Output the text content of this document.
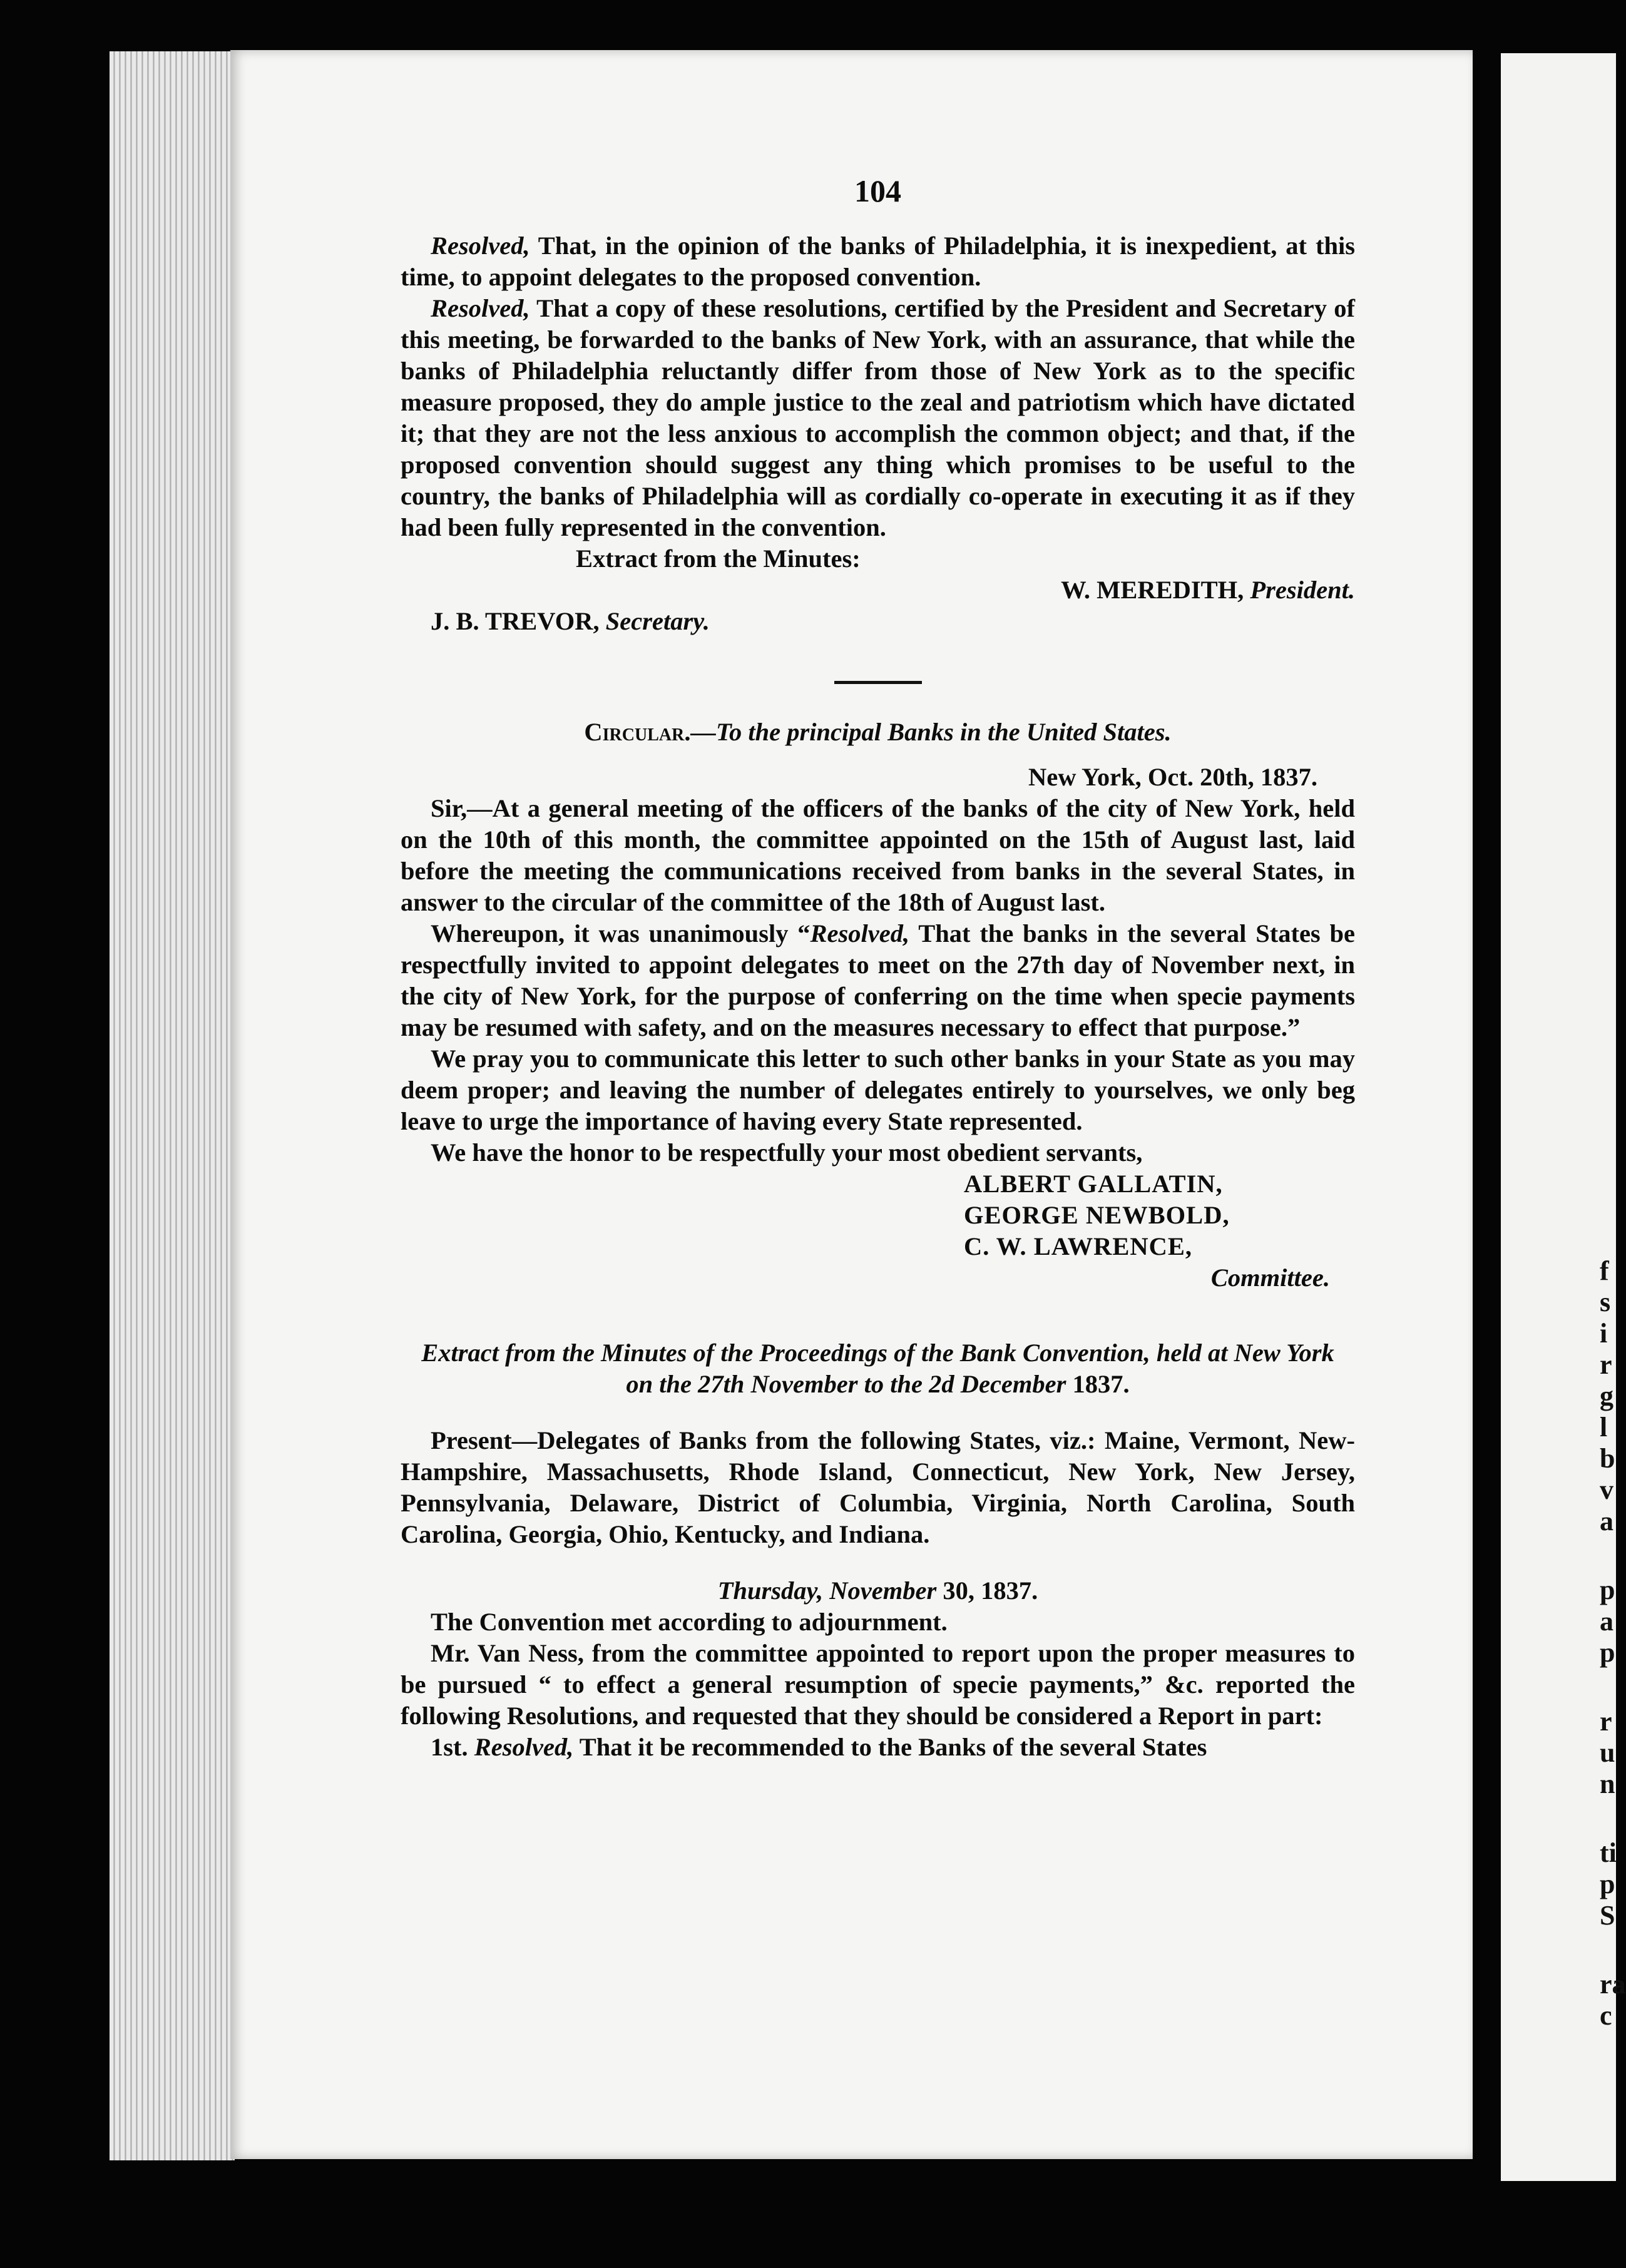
f
s
i
r
g
l
b
v
a
p
a
p
r
u
n
ti
p
S
ra
c
104

Resolved, That, in the opinion of the banks of Philadelphia, it is inexpedient, at this time, to appoint delegates to the proposed convention.

Resolved, That a copy of these resolutions, certified by the President and Secretary of this meeting, be forwarded to the banks of New York, with an assurance, that while the banks of Philadelphia reluctantly differ from those of New York as to the specific measure proposed, they do ample justice to the zeal and patriotism which have dictated it; that they are not the less anxious to accomplish the common object; and that, if the proposed convention should suggest any thing which promises to be useful to the country, the banks of Philadelphia will as cordially co-operate in executing it as if they had been fully represented in the convention.

Extract from the Minutes:

W. MEREDITH, President.
J. B. TREVOR, Secretary.

Circular.—To the principal Banks in the United States.

New York, Oct. 20th, 1837.

Sir,—At a general meeting of the officers of the banks of the city of New York, held on the 10th of this month, the committee appointed on the 15th of August last, laid before the meeting the communications received from banks in the several States, in answer to the circular of the committee of the 18th of August last.

Whereupon, it was unanimously “Resolved, That the banks in the several States be respectfully invited to appoint delegates to meet on the 27th day of November next, in the city of New York, for the purpose of conferring on the time when specie payments may be resumed with safety, and on the measures necessary to effect that purpose.”

We pray you to communicate this letter to such other banks in your State as you may deem proper; and leaving the number of delegates entirely to yourselves, we only beg leave to urge the importance of having every State represented.

We have the honor to be respectfully your most obedient servants,

ALBERT GALLATIN,
GEORGE NEWBOLD,
C. W. LAWRENCE,

Committee.

Extract from the Minutes of the Proceedings of the Bank Convention, held at New York on the 27th November to the 2d December 1837.

Present—Delegates of Banks from the following States, viz.: Maine, Vermont, New-Hampshire, Massachusetts, Rhode Island, Connecticut, New York, New Jersey, Pennsylvania, Delaware, District of Columbia, Virginia, North Carolina, South Carolina, Georgia, Ohio, Kentucky, and Indiana.

Thursday, November 30, 1837.

The Convention met according to adjournment.

Mr. Van Ness, from the committee appointed to report upon the proper measures to be pursued “ to effect a general resumption of specie payments,” &c. reported the following Resolutions, and requested that they should be considered a Report in part:

1st. Resolved, That it be recommended to the Banks of the several States
